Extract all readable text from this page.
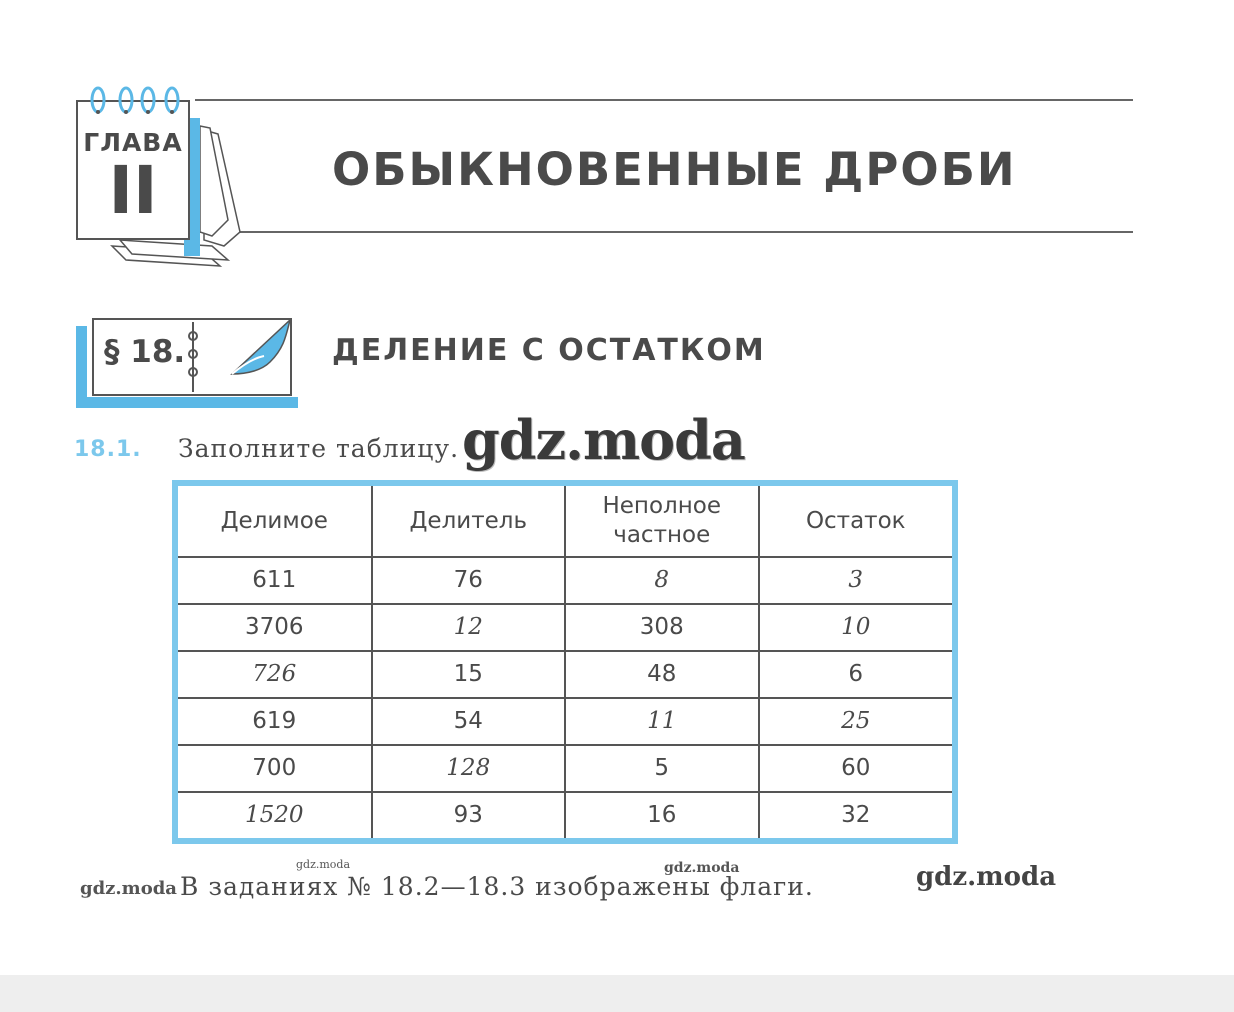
ГЛАВА
II	ОБЫКНОВЕННЫЕ ДРОБИ
§ 18.	ДЕЛЕНИЕ С ОСТАТКОМ
18.1. Заполните таблицу. gdz.moda
Делимое	Делитель	Неполное частное	Остаток
611	76	8	3
3706	12	308	10
726	15	48	6
619	54	11	25
700	128	5	60
1520	93	16	32
gdz.moda
gdz.moda	gdz.moda
В заданиях № 18.2—18.3 изображены флаги.	gdz.moda
